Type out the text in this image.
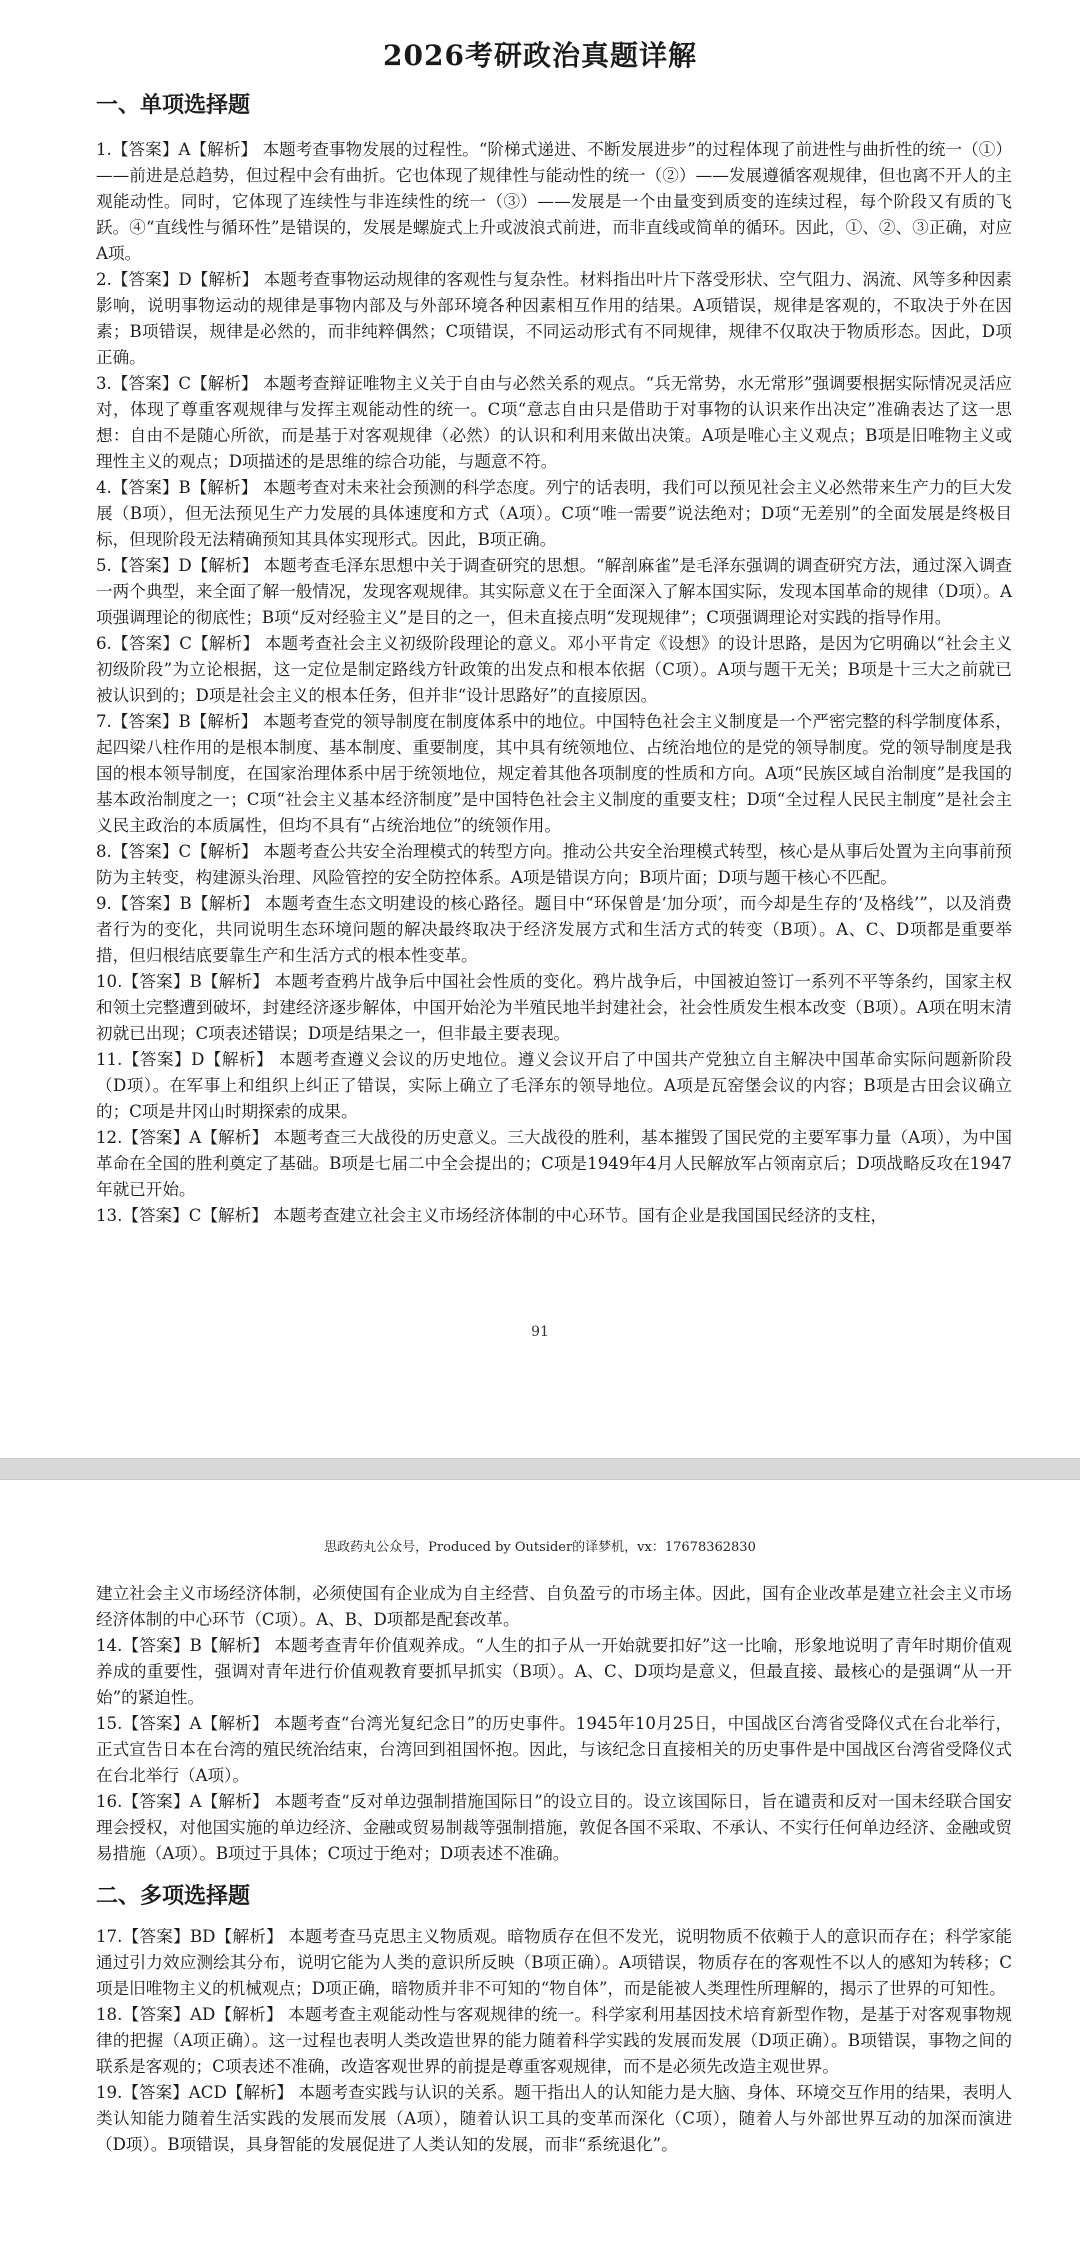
2026考研政治真题详解
一、单项选择题

1.【答案】A【解析】 本题考查事物发展的过程性。“阶梯式递进、不断发展进步”的过程体现了前进性与曲折性的统一（①）——前进是总趋势，但过程中会有曲折。它也体现了规律性与能动性的统一（②）——发展遵循客观规律，但也离不开人的主观能动性。同时，它体现了连续性与非连续性的统一（③）——发展是一个由量变到质变的连续过程，每个阶段又有质的飞跃。④“直线性与循环性”是错误的，发展是螺旋式上升或波浪式前进，而非直线或简单的循环。因此，①、②、③正确，对应A项。

2.【答案】D【解析】 本题考查事物运动规律的客观性与复杂性。材料指出叶片下落受形状、空气阻力、涡流、风等多种因素影响，说明事物运动的规律是事物内部及与外部环境各种因素相互作用的结果。A项错误，规律是客观的，不取决于外在因素；B项错误，规律是必然的，而非纯粹偶然；C项错误，不同运动形式有不同规律，规律不仅取决于物质形态。因此，D项正确。

3.【答案】C【解析】 本题考查辩证唯物主义关于自由与必然关系的观点。“兵无常势，水无常形”强调要根据实际情况灵活应对，体现了尊重客观规律与发挥主观能动性的统一。C项“意志自由只是借助于对事物的认识来作出决定”准确表达了这一思想：自由不是随心所欲，而是基于对客观规律（必然）的认识和利用来做出决策。A项是唯心主义观点；B项是旧唯物主义或理性主义的观点；D项描述的是思维的综合功能，与题意不符。

4.【答案】B【解析】 本题考查对未来社会预测的科学态度。列宁的话表明，我们可以预见社会主义必然带来生产力的巨大发展（B项），但无法预见生产力发展的具体速度和方式（A项）。C项“唯一需要”说法绝对；D项“无差别”的全面发展是终极目标，但现阶段无法精确预知其具体实现形式。因此，B项正确。

5.【答案】D【解析】 本题考查毛泽东思想中关于调查研究的思想。“解剖麻雀”是毛泽东强调的调查研究方法，通过深入调查一两个典型，来全面了解一般情况，发现客观规律。其实际意义在于全面深入了解本国实际，发现本国革命的规律（D项）。A项强调理论的彻底性；B项“反对经验主义”是目的之一，但未直接点明“发现规律”；C项强调理论对实践的指导作用。

6.【答案】C【解析】 本题考查社会主义初级阶段理论的意义。邓小平肯定《设想》的设计思路，是因为它明确以“社会主义初级阶段”为立论根据，这一定位是制定路线方针政策的出发点和根本依据（C项）。A项与题干无关；B项是十三大之前就已被认识到的；D项是社会主义的根本任务，但并非“设计思路好”的直接原因。

7.【答案】B【解析】 本题考查党的领导制度在制度体系中的地位。中国特色社会主义制度是一个严密完整的科学制度体系，起四梁八柱作用的是根本制度、基本制度、重要制度，其中具有统领地位、占统治地位的是党的领导制度。党的领导制度是我国的根本领导制度，在国家治理体系中居于统领地位，规定着其他各项制度的性质和方向。A项“民族区域自治制度”是我国的基本政治制度之一；C项“社会主义基本经济制度”是中国特色社会主义制度的重要支柱；D项“全过程人民民主制度”是社会主义民主政治的本质属性，但均不具有“占统治地位”的统领作用。

8.【答案】C【解析】 本题考查公共安全治理模式的转型方向。推动公共安全治理模式转型，核心是从事后处置为主向事前预防为主转变，构建源头治理、风险管控的安全防控体系。A项是错误方向；B项片面；D项与题干核心不匹配。

9.【答案】B【解析】 本题考查生态文明建设的核心路径。题目中“环保曾是‘加分项’，而今却是生存的‘及格线’”，以及消费者行为的变化，共同说明生态环境问题的解决最终取决于经济发展方式和生活方式的转变（B项）。A、C、D项都是重要举措，但归根结底要靠生产和生活方式的根本性变革。

10.【答案】B【解析】 本题考查鸦片战争后中国社会性质的变化。鸦片战争后，中国被迫签订一系列不平等条约，国家主权和领土完整遭到破坏，封建经济逐步解体，中国开始沦为半殖民地半封建社会，社会性质发生根本改变（B项）。A项在明末清初就已出现；C项表述错误；D项是结果之一，但非最主要表现。

11.【答案】D【解析】 本题考查遵义会议的历史地位。遵义会议开启了中国共产党独立自主解决中国革命实际问题新阶段（D项）。在军事上和组织上纠正了错误，实际上确立了毛泽东的领导地位。A项是瓦窑堡会议的内容；B项是古田会议确立的；C项是井冈山时期探索的成果。

12.【答案】A【解析】 本题考查三大战役的历史意义。三大战役的胜利，基本摧毁了国民党的主要军事力量（A项），为中国革命在全国的胜利奠定了基础。B项是七届二中全会提出的；C项是1949年4月人民解放军占领南京后；D项战略反攻在1947年就已开始。

13.【答案】C【解析】 本题考查建立社会主义市场经济体制的中心环节。国有企业是我国国民经济的支柱，

91
思政药丸公众号，Produced by Outsider的译梦机，vx：17678362830

建立社会主义市场经济体制，必须使国有企业成为自主经营、自负盈亏的市场主体。因此，国有企业改革是建立社会主义市场经济体制的中心环节（C项）。A、B、D项都是配套改革。

14.【答案】B【解析】 本题考查青年价值观养成。“人生的扣子从一开始就要扣好”这一比喻，形象地说明了青年时期价值观养成的重要性，强调对青年进行价值观教育要抓早抓实（B项）。A、C、D项均是意义，但最直接、最核心的是强调“从一开始”的紧迫性。

15.【答案】A【解析】 本题考查“台湾光复纪念日”的历史事件。1945年10月25日，中国战区台湾省受降仪式在台北举行，正式宣告日本在台湾的殖民统治结束，台湾回到祖国怀抱。因此，与该纪念日直接相关的历史事件是中国战区台湾省受降仪式在台北举行（A项）。

16.【答案】A【解析】 本题考查“反对单边强制措施国际日”的设立目的。设立该国际日，旨在谴责和反对一国未经联合国安理会授权，对他国实施的单边经济、金融或贸易制裁等强制措施，敦促各国不采取、不承认、不实行任何单边经济、金融或贸易措施（A项）。B项过于具体；C项过于绝对；D项表述不准确。

二、多项选择题

17.【答案】BD【解析】 本题考查马克思主义物质观。暗物质存在但不发光，说明物质不依赖于人的意识而存在；科学家能通过引力效应测绘其分布，说明它能为人类的意识所反映（B项正确）。A项错误，物质存在的客观性不以人的感知为转移；C项是旧唯物主义的机械观点；D项正确，暗物质并非不可知的“物自体”，而是能被人类理性所理解的，揭示了世界的可知性。

18.【答案】AD【解析】 本题考查主观能动性与客观规律的统一。科学家利用基因技术培育新型作物，是基于对客观事物规律的把握（A项正确）。这一过程也表明人类改造世界的能力随着科学实践的发展而发展（D项正确）。B项错误，事物之间的联系是客观的；C项表述不准确，改造客观世界的前提是尊重客观规律，而不是必须先改造主观世界。

19.【答案】ACD【解析】 本题考查实践与认识的关系。题干指出人的认知能力是大脑、身体、环境交互作用的结果，表明人类认知能力随着生活实践的发展而发展（A项），随着认识工具的变革而深化（C项），随着人与外部世界互动的加深而演进（D项）。B项错误，具身智能的发展促进了人类认知的发展，而非“系统退化”。
